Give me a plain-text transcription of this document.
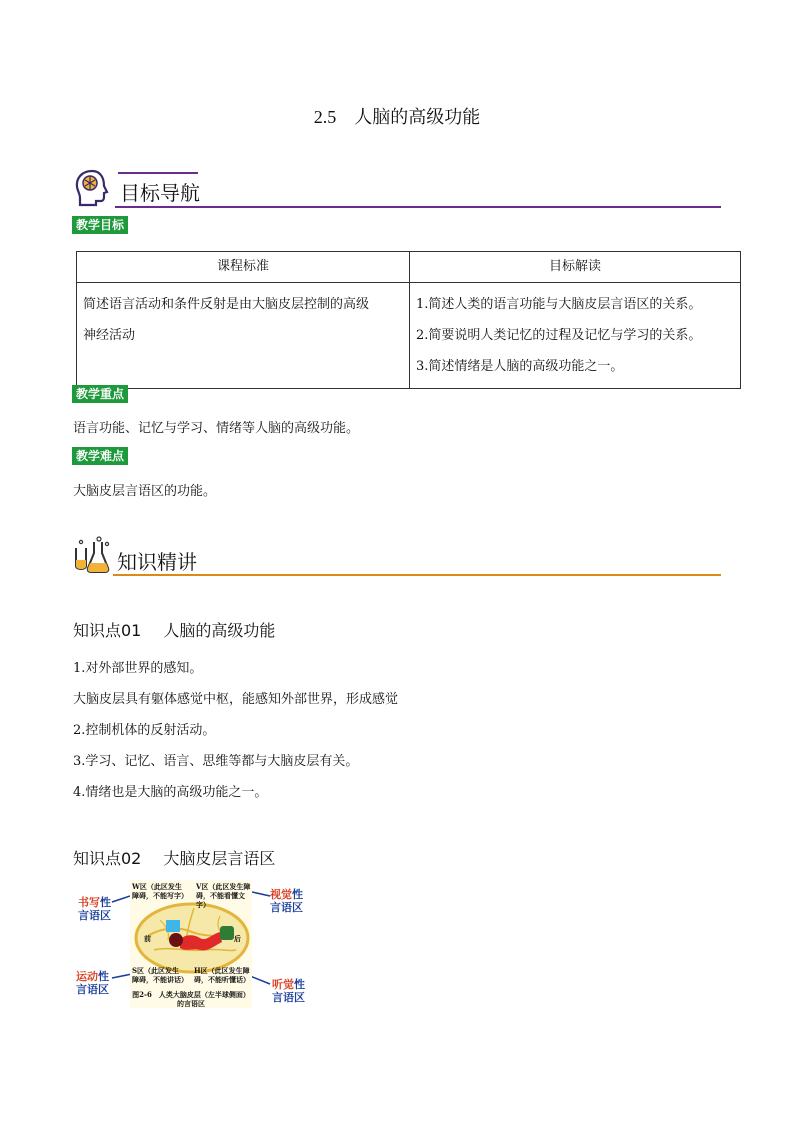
2.5 人脑的高级功能
目标导航
教学目标
课程标准	目标解读

简述语言活动和条件反射是由大脑皮层控制的高级
神经活动	1.简述人类的语言功能与大脑皮层言语区的关系。
2.简要说明人类记忆的过程及记忆与学习的关系。
3.简述情绪是人脑的高级功能之一。
教学重点
语言功能、记忆与学习、情绪等人脑的高级功能。
教学难点
大脑皮层言语区的功能。
知识精讲
知识点01 人脑的高级功能
1.对外部世界的感知。
大脑皮层具有躯体感觉中枢，能感知外部世界，形成感觉
2.控制机体的反射活动。
3.学习、记忆、语言、思维等都与大脑皮层有关。
4.情绪也是大脑的高级功能之一。
知识点02 大脑皮层言语区
书写性
言语区
视觉性
言语区
运动性
言语区	听觉性
言语区
W区（此区发生障碍，不能写字）
V区（此区发生障碍，不能看懂文字）
前	后
S区（此区发生障碍，不能讲话）
H区（此区发生障碍，不能听懂话）
图2-6　人类大脑皮层（左半球侧面）
的言语区
